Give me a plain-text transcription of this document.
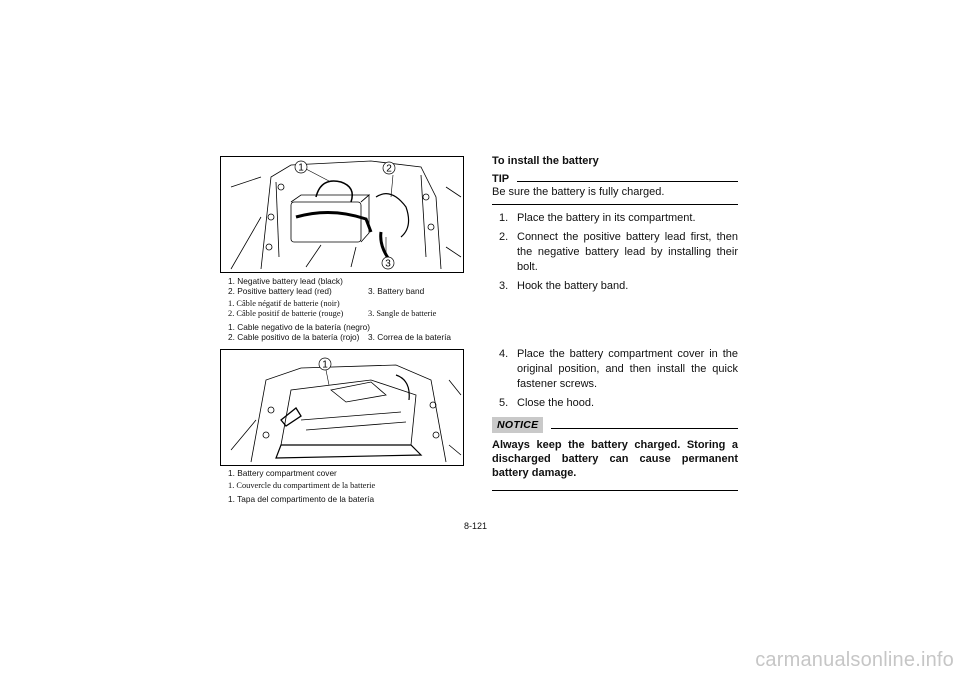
1	2
3
1. Negative battery lead (black)
2. Positive battery lead (red)	3. Battery band
1. Câble négatif de batterie (noir)
2. Câble positif de batterie (rouge)	3. Sangle de batterie
1. Cable negativo de la batería (negro)
2. Cable positivo de la batería (rojo)	3. Correa de la batería
1
1. Battery compartment cover
1. Couvercle du compartiment de la batterie
1. Tapa del compartimento de la batería
To install the battery
TIP
Be sure the battery is fully charged.
1. Place the battery in its compartment.
2. Connect the positive battery lead first, then the negative battery lead by installing their bolt.
3. Hook the battery band.
4. Place the battery compartment cover in the original position, and then install the quick fastener screws.
5. Close the hood.
NOTICE
Always keep the battery charged. Storing a discharged battery can cause permanent battery damage.
8-121
carmanualsonline.info
